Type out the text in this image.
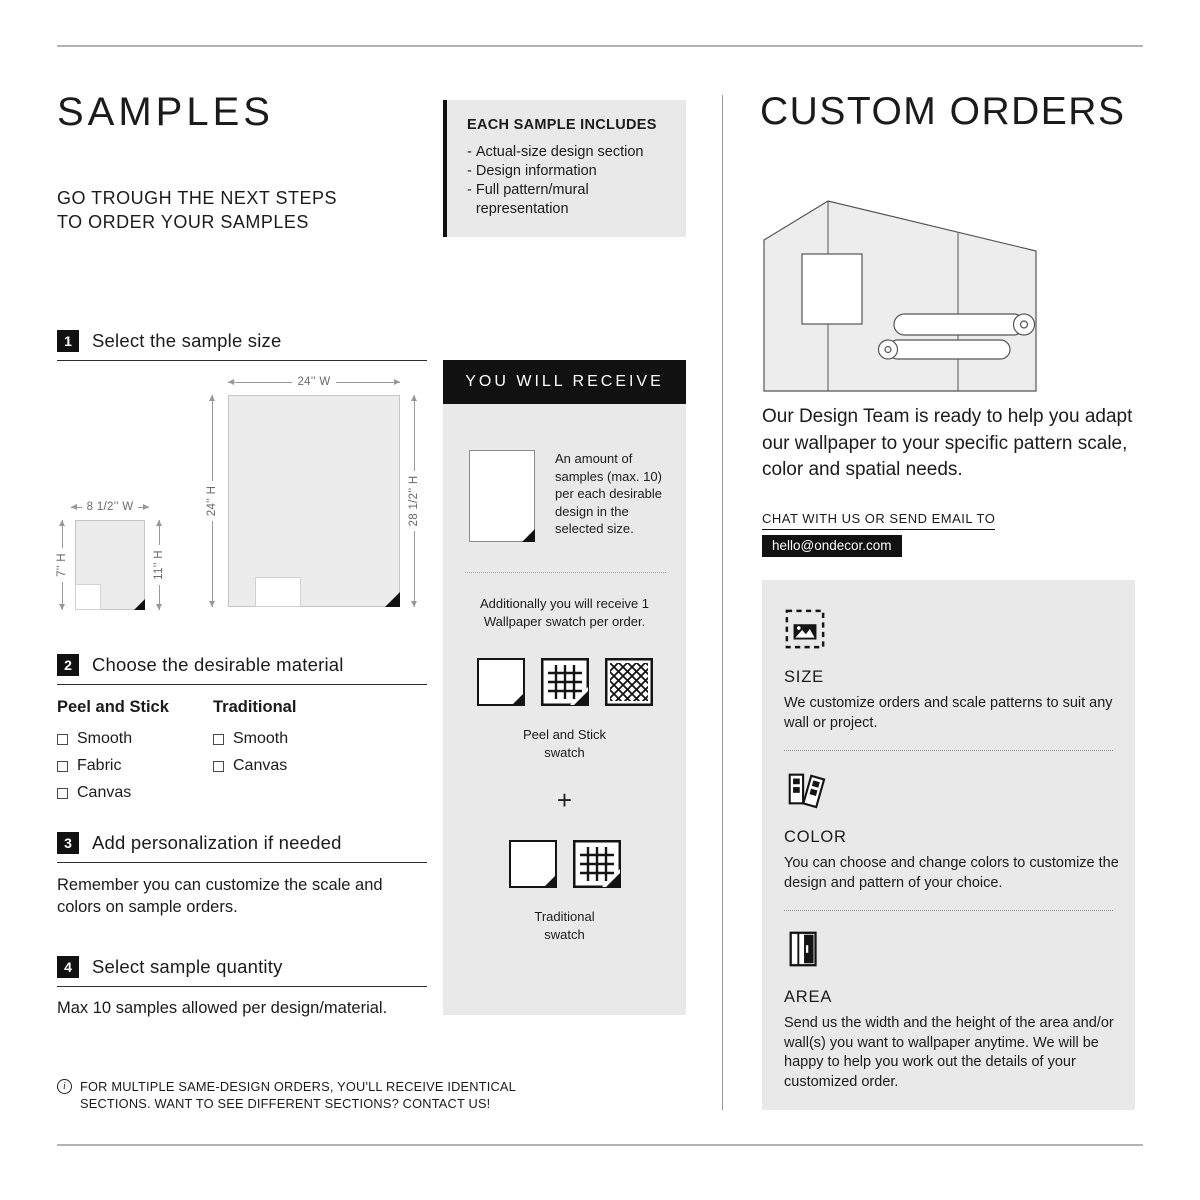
SAMPLES
GO TROUGH THE NEXT STEPS
TO ORDER YOUR SAMPLES
1	Select the sample size
24'' W
24'' H	28 1/2'' H
8 1/2'' W
7'' H	11'' H
2	Choose the desirable material
Peel and Stick
Smooth
Fabric
Canvas
Traditional
Smooth
Canvas
3	Add personalization if needed

Remember you can customize the scale and colors on sample orders.

4	Select sample quantity

Max 10 samples allowed per design/material.

i	FOR MULTIPLE SAME-DESIGN ORDERS, YOU'LL RECEIVE IDENTICAL
SECTIONS. WANT TO SEE DIFFERENT SECTIONS? CONTACT US!
EACH SAMPLE INCLUDES
- Actual-size design section
- Design information
- Full pattern/mural representation
YOU WILL RECEIVE
An amount of samples (max. 10) per each desirable design in the selected size.
Additionally you will receive 1 Wallpaper swatch per order.
Peel and Stick swatch
+
Traditional swatch
CUSTOM ORDERS

Our Design Team is ready to help you adapt our wallpaper to your specific pattern scale, color and spatial needs.

CHAT WITH US OR SEND EMAIL TO
hello@ondecor.com
SIZE
We customize orders and scale patterns to suit any wall or project.
COLOR
You can choose and change colors to customize the design and pattern of your choice.
AREA
Send us the width and the height of the area and/or wall(s) you want to wallpaper anytime. We will be happy to help you work out the details of your customized order.
